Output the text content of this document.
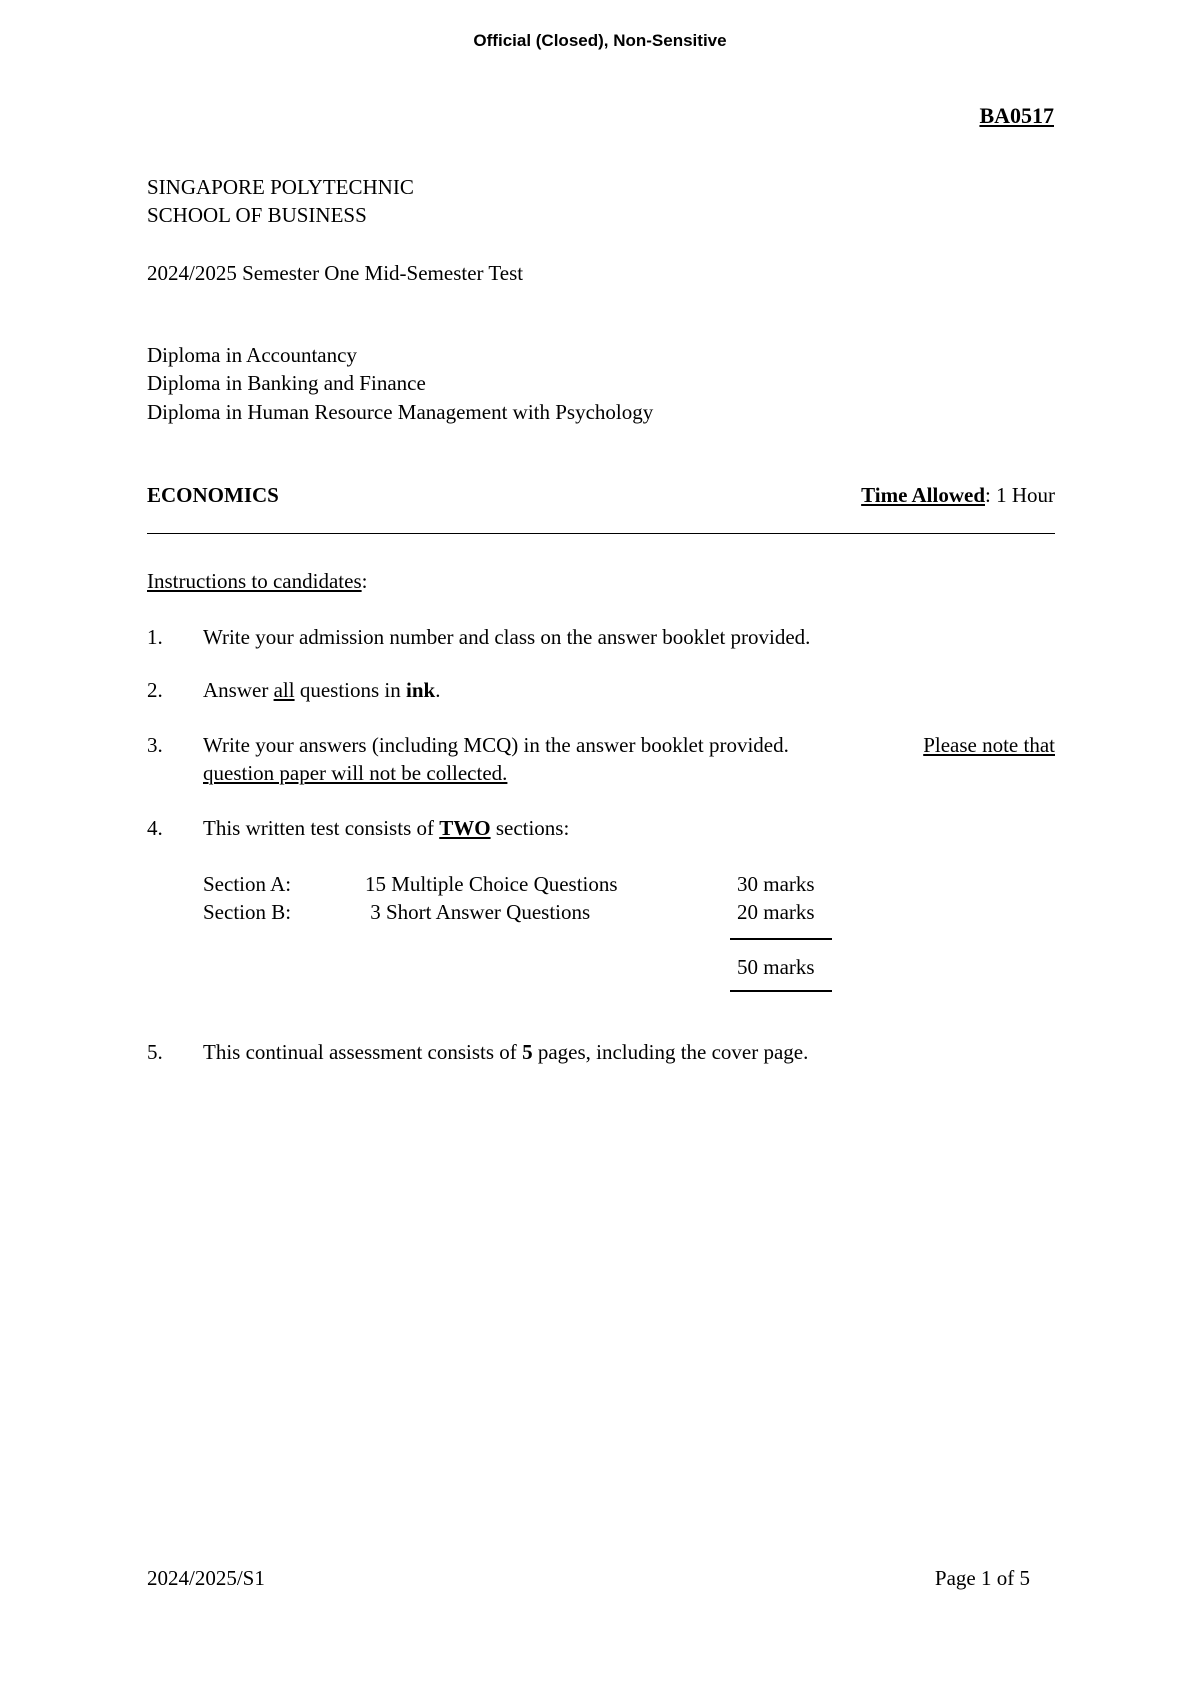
Official (Closed), Non-Sensitive
BA0517
SINGAPORE POLYTECHNIC
SCHOOL OF BUSINESS
2024/2025 Semester One Mid-Semester Test
Diploma in Accountancy
Diploma in Banking and Finance
Diploma in Human Resource Management with Psychology
ECONOMICS	Time Allowed: 1 Hour
Instructions to candidates:
1. Write your admission number and class on the answer booklet provided.
2. Answer all questions in ink.
3. Write your answers (including MCQ) in the answer booklet provided.	Please note that
question paper will not be collected.
4. This written test consists of TWO sections:
Section A:	15 Multiple Choice Questions	30 marks
Section B:	3 Short Answer Questions	20 marks
50 marks
5. This continual assessment consists of 5 pages, including the cover page.
2024/2025/S1	Page 1 of 5
